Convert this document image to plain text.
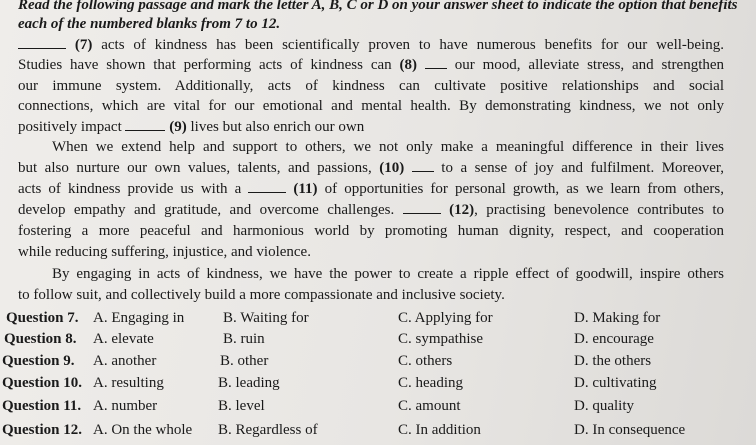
Read the following passage and mark the letter A, B, C or D on your answer sheet to indicate the option that benefits each of the numbered blanks from 7 to 12.

(7) acts of kindness has been scientifically proven to have numerous benefits for our well-being.
Studies have shown that performing acts of kindness can (8)  our mood, alleviate stress, and strengthen
our immune system. Additionally, acts of kindness can cultivate positive relationships and social
connections, which are vital for our emotional and mental health. By demonstrating kindness, we not only
positively impact	(9) lives but also enrich our own
When we extend help and support to others, we not only make a meaningful difference in their lives
but also nurture our own values, talents, and passions, (10)  to a sense of joy and fulfilment. Moreover,
acts of kindness provide us with a	(11) of opportunities for personal growth, as we learn from others,
develop empathy and gratitude, and overcome challenges.	(12), practising benevolence contributes to
fostering a more peaceful and harmonious world by promoting human dignity, respect, and cooperation
while reducing suffering, injustice, and violence.
By engaging in acts of kindness, we have the power to create a ripple effect of goodwill, inspire others
to follow suit, and collectively build a more compassionate and inclusive society.
Question 7. A. Engaging in	B. Waiting for	C. Applying for	D. Making for
Question 8. A. elevate	B. ruin	C. sympathise	D. encourage
Question 9. A. another	B. other	C. others	D. the others
Question 10. A. resulting	B. leading	C. heading	D. cultivating
Question 11. A. number	B. level	C. amount	D. quality
Question 12. A. On the whole B. Regardless of	C. In addition	D. In consequence
